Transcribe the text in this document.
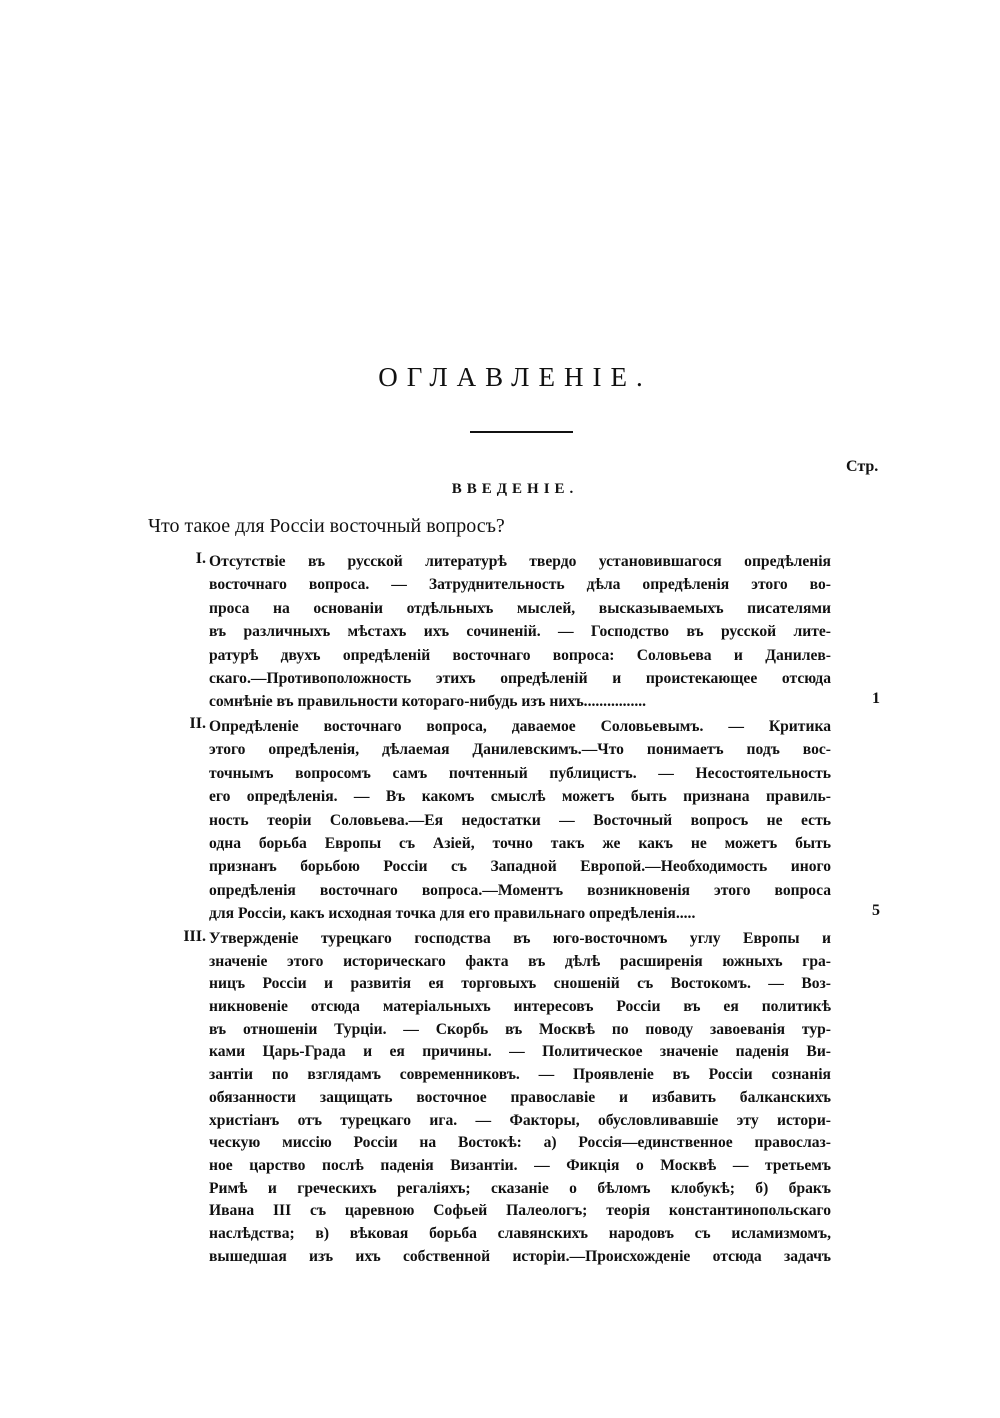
ОГЛАВЛЕНІЕ.
Стр.
ВВЕДЕНІЕ.
Что такое для Россіи восточный вопросъ?
I. Отсутствіе въ русской литературѣ твердо установившагося опредѣленія
восточнаго вопроса. — Затруднительность дѣла опредѣленія этого во-
проса на основаніи отдѣльныхъ мыслей, высказываемыхъ писателями
въ различныхъ мѣстахъ ихъ сочиненій. — Господство въ русской лите-
ратурѣ двухъ опредѣленій восточнаго вопроса: Соловьева и Данилев-
скаго.—Противоположность этихъ опредѣленій и проистекающее отсюда
сомнѣніе въ правильности котораго-нибудь изъ нихъ................	1
II. Опредѣленіе восточнаго вопроса, даваемое Соловьевымъ. — Критика
этого опредѣленія, дѣлаемая Данилевскимъ.—Что понимаетъ подъ вос-
точнымъ вопросомъ самъ почтенный публицистъ. — Несостоятельность
его опредѣленія. — Въ какомъ смыслѣ можетъ быть признана правиль-
ность теоріи Соловьева.—Ея недостатки — Восточный вопросъ не есть
одна борьба Европы съ Азіей, точно такъ же какъ не можетъ быть
признанъ борьбою Россіи съ Западной Европой.—Необходимость иного
опредѣленія восточнаго вопроса.—Моментъ возникновенія этого вопроса
для Россіи, какъ исходная точка для его правильнаго опредѣленія.....	5
III. Утвержденіе турецкаго господства въ юго-восточномъ углу Европы и
значеніе этого историческаго факта въ дѣлѣ расширенія южныхъ гра-
ницъ Россіи и развитія ея торговыхъ сношеній съ Востокомъ. — Воз-
никновеніе отсюда матеріальныхъ интересовъ Россіи въ ея политикѣ
въ отношеніи Турціи. — Скорбь въ Москвѣ по поводу завоеванія тур-
ками Царь-Града и ея причины. — Политическое значеніе паденія Ви-
зантіи по взглядамъ современниковъ. — Проявленіе въ Россіи сознанія
обязанности защищать восточное православіе и избавить балканскихъ
христіанъ отъ турецкаго ига. — Факторы, обусловливавшіе эту истори-
ческую миссію Россіи на Востокѣ: а) Россія—единственное правослаз-
ное царство послѣ паденія Византіи. — Фикція о Москвѣ — третьемъ
Римѣ и греческихъ регаліяхъ; сказаніе о бѣломъ клобукѣ; б) бракъ
Ивана III съ царевною Софьей Палеологъ; теорія константинопольскаго
наслѣдства; в) вѣковая борьба славянскихъ народовъ съ исламизмомъ,
вышедшая изъ ихъ собственной исторіи.—Происхожденіе отсюда задачъ
